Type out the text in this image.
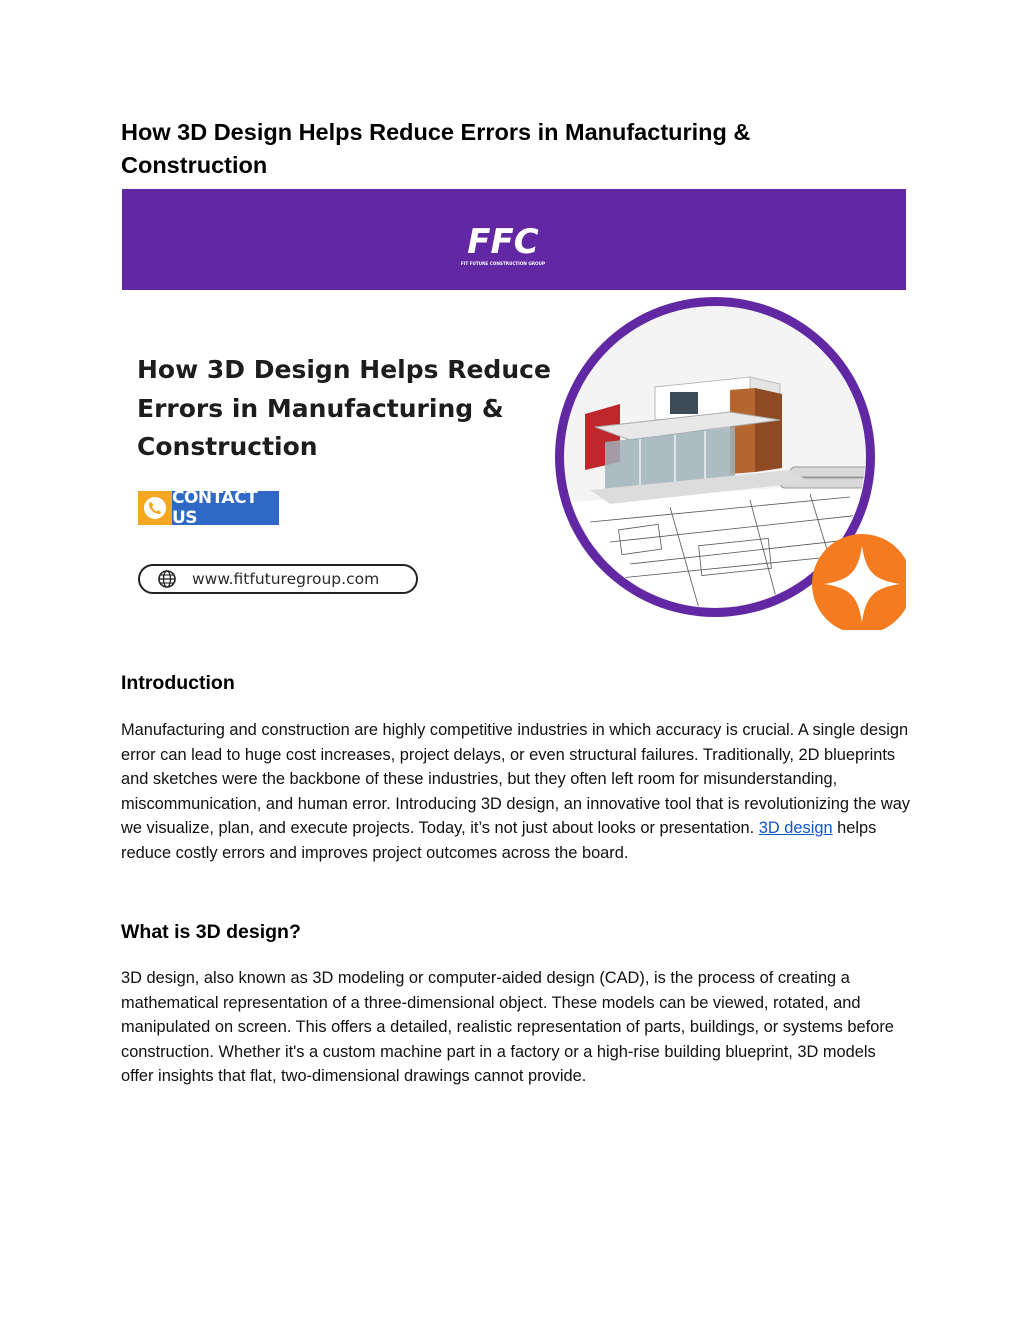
How 3D Design Helps Reduce Errors in Manufacturing & Construction
FFC
FIT FUTURE CONSTRUCTION GROUP
How 3D Design Helps Reduce
Errors in Manufacturing &
Construction
CONTACT US
www.fitfuturegroup.com
Introduction

Manufacturing and construction are highly competitive industries in which accuracy is crucial. A single design error can lead to huge cost increases, project delays, or even structural failures. Traditionally, 2D blueprints and sketches were the backbone of these industries, but they often left room for misunderstanding, miscommunication, and human error. Introducing 3D design, an innovative tool that is revolutionizing the way we visualize, plan, and execute projects. Today, it’s not just about looks or presentation. 3D design helps reduce costly errors and improves project outcomes across the board.

What is 3D design?

3D design, also known as 3D modeling or computer-aided design (CAD), is the process of creating a mathematical representation of a three-dimensional object. These models can be viewed, rotated, and manipulated on screen. This offers a detailed, realistic representation of parts, buildings, or systems before construction. Whether it's a custom machine part in a factory or a high-rise building blueprint, 3D models offer insights that flat, two-dimensional drawings cannot provide.
